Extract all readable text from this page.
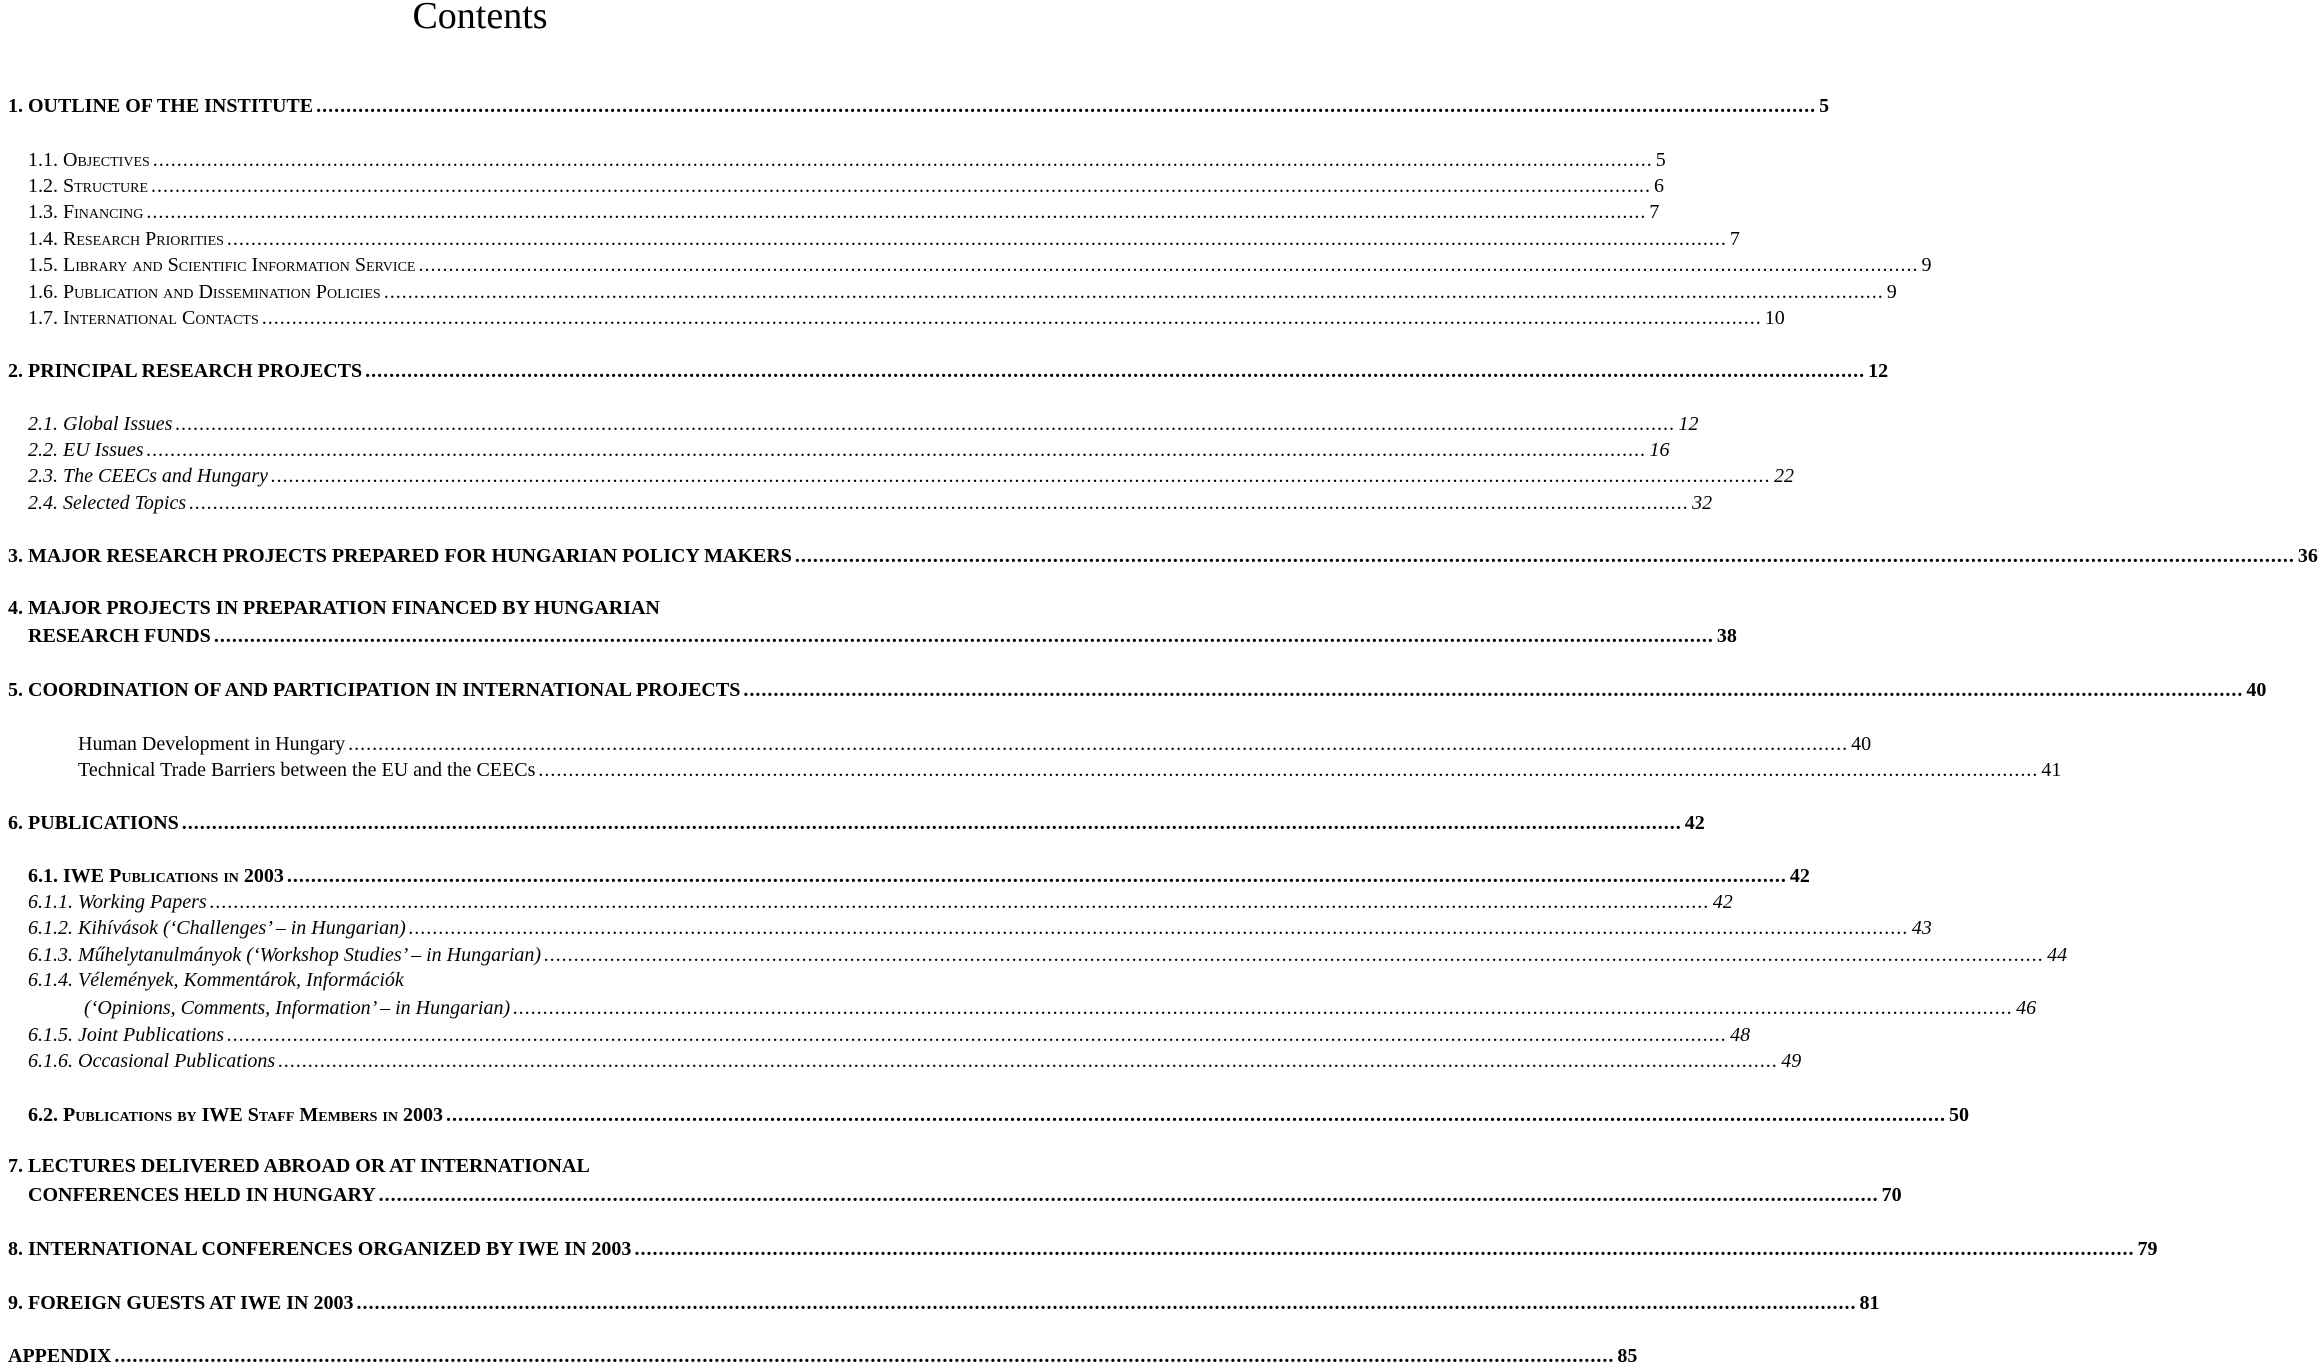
Contents
1. OUTLINE OF THE INSTITUTE .....	5
1.1. Objectives .....	5
1.2. Structure .....	6
1.3. Financing .....	7
1.4. Research Priorities .....	7
1.5. Library and Scientific Information Service .....	9
1.6. Publication and Dissemination Policies .....	9
1.7. International Contacts .....	10
2. PRINCIPAL RESEARCH PROJECTS .....	12
2.1. Global Issues .....	12
2.2. EU Issues .....	16
2.3. The CEECs and Hungary .....	22
2.4. Selected Topics .....	32
3. MAJOR RESEARCH PROJECTS PREPARED FOR HUNGARIAN POLICY MAKERS .....	36
4. MAJOR PROJECTS IN PREPARATION FINANCED BY HUNGARIAN
RESEARCH FUNDS .....	38
5. COORDINATION OF AND PARTICIPATION IN INTERNATIONAL PROJECTS .....	40
Human Development in Hungary .....	40
Technical Trade Barriers between the EU and the CEECs .....	41
6. PUBLICATIONS .....	42
6.1. IWE Publications in 2003 .....	42
6.1.1. Working Papers .....	42
6.1.2. Kihívások (‘Challenges’ – in Hungarian) .....	43
6.1.3. Műhelytanulmányok (‘Workshop Studies’ – in Hungarian) .....	44
6.1.4. Vélemények, Kommentárok, Információk
(‘Opinions, Comments, Information’ – in Hungarian) .....	46
6.1.5. Joint Publications .....	48
6.1.6. Occasional Publications .....	49
6.2. Publications by IWE Staff Members in 2003 .....	50
7. LECTURES DELIVERED ABROAD OR AT INTERNATIONAL
CONFERENCES HELD IN HUNGARY .....	70
8. INTERNATIONAL CONFERENCES ORGANIZED BY IWE IN 2003 .....	79
9. FOREIGN GUESTS AT IWE IN 2003 .....	81
APPENDIX .....	85
